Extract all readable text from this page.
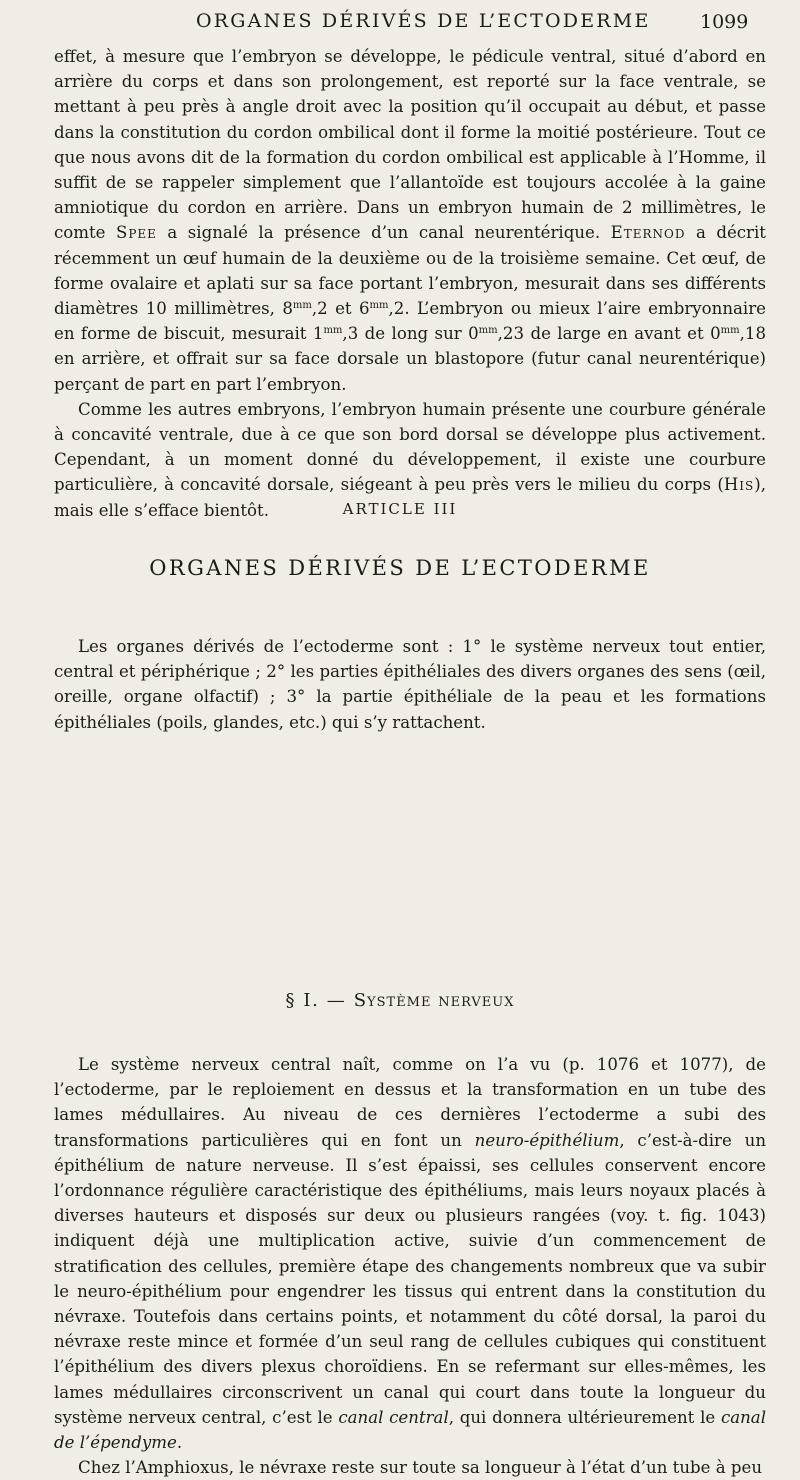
ORGANES DÉRIVÉS DE L’ECTODERME	1099

effet, à mesure que l’embryon se développe, le pédicule ventral, situé d’abord en arrière du corps et dans son prolongement, est reporté sur la face ventrale, se mettant à peu près à angle droit avec la position qu’il occupait au début, et passe dans la constitution du cordon ombilical dont il forme la moitié postérieure. Tout ce que nous avons dit de la formation du cordon ombilical est applicable à l’Homme, il suffit de se rappeler simplement que l’allantoïde est toujours accolée à la gaine amniotique du cordon en arrière. Dans un embryon humain de 2 millimètres, le comte Spee a signalé la présence d’un canal neurentérique. Eternod a décrit récemment un œuf humain de la deuxième ou de la troisième semaine. Cet œuf, de forme ovalaire et aplati sur sa face portant l’embryon, mesurait dans ses différents diamètres 10 millimètres, $8^{mm},2$ et $6^{mm},2$. L’embryon ou mieux l’aire embryonnaire en forme de biscuit, mesurait $1^{mm},3$ de long sur $0^{mm},23$ de large en avant et $0^{mm},18$ en arrière, et offrait sur sa face dorsale un blastopore (futur canal neurentérique) perçant de part en part l’embryon.

Comme les autres embryons, l’embryon humain présente une courbure générale à concavité ventrale, due à ce que son bord dorsal se développe plus activement. Cependant, à un moment donné du développement, il existe une courbure particulière, à concavité dorsale, siégeant à peu près vers le milieu du corps (His), mais elle s’efface bientôt.	ARTICLE III
ORGANES DÉRIVÉS DE L’ECTODERME

Les organes dérivés de l’ectoderme sont : 1° le système nerveux tout entier, central et périphérique ; 2° les parties épithéliales des divers organes des sens (œil, oreille, organe olfactif) ; 3° la partie épithéliale de la peau et les formations épithéliales (poils, glandes, etc.) qui s’y rattachent.

§ I. — Système nerveux

Le système nerveux central naît, comme on l’a vu (p. 1076 et 1077), de l’ectoderme, par le reploiement en dessus et la transformation en un tube des lames médullaires. Au niveau de ces dernières l’ectoderme a subi des transformations particulières qui en font un neuro-épithélium, c’est-à-dire un épithélium de nature nerveuse. Il s’est épaissi, ses cellules conservent encore l’ordonnance régulière caractéristique des épithéliums, mais leurs noyaux placés à diverses hauteurs et disposés sur deux ou plusieurs rangées (voy. t. fig. 1043) indiquent déjà une multiplication active, suivie d’un commencement de stratification des cellules, première étape des changements nombreux que va subir le neuro-épithélium pour engendrer les tissus qui entrent dans la constitution du névraxe. Toutefois dans certains points, et notamment du côté dorsal, la paroi du névraxe reste mince et formée d’un seul rang de cellules cubiques qui constituent l’épithélium des divers plexus choroïdiens. En se refermant sur elles-mêmes, les lames médullaires circonscrivent un canal qui court dans toute la longueur du système nerveux central, c’est le canal central, qui donnera ultérieurement le canal de l’épendyme.

Chez l’Amphioxus, le névraxe reste sur toute sa longueur à l’état d’un tube à peu
